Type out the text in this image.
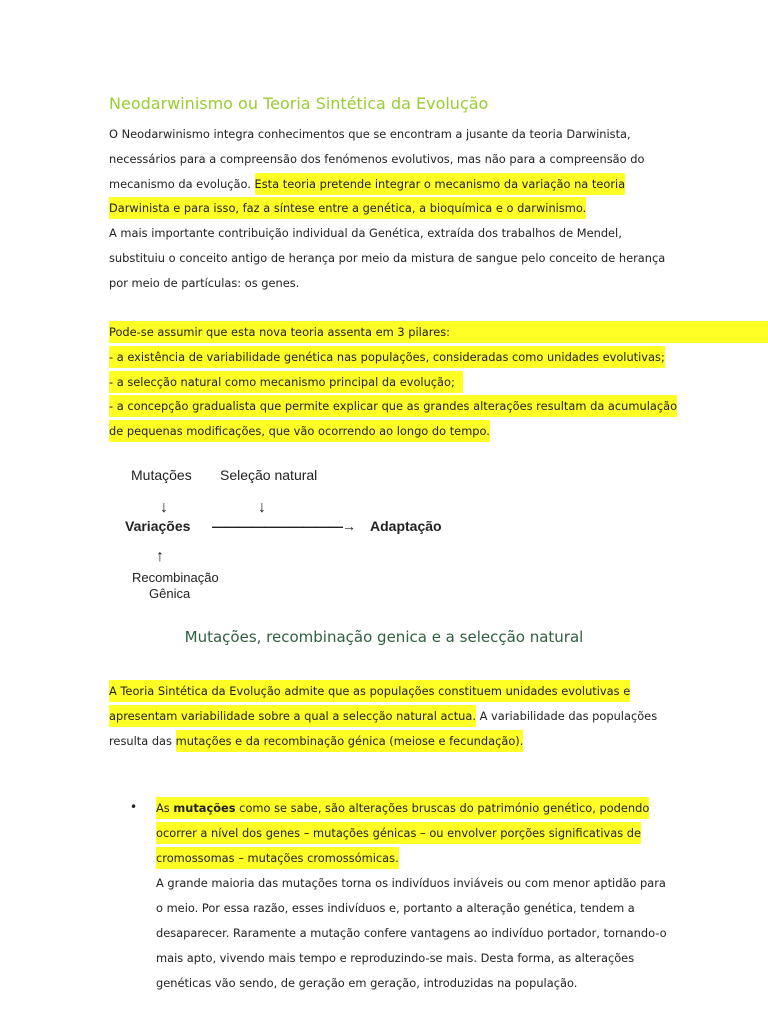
Neodarwinismo ou Teoria Sintética da Evolução
O Neodarwinismo integra conhecimentos que se encontram a jusante da teoria Darwinista,
necessários para a compreensão dos fenómenos evolutivos, mas não para a compreensão do
mecanismo da evolução. Esta teoria pretende integrar o mecanismo da variação na teoria
Darwinista e para isso, faz a síntese entre a genética, a bioquímica e o darwinismo.
A mais importante contribuição individual da Genética, extraída dos trabalhos de Mendel,
substituiu o conceito antigo de herança por meio da mistura de sangue pelo conceito de herança
por meio de partículas: os genes.
Pode-se assumir que esta nova teoria assenta em 3 pilares:
- a existência de variabilidade genética nas populações, consideradas como unidades evolutivas;
- a selecção natural como mecanismo principal da evolução;
- a concepção gradualista que permite explicar que as grandes alterações resultam da acumulação
de pequenas modificações, que vão ocorrendo ao longo do tempo.
Mutações Seleção natural
↓	↓
Variações ——————————→ Adaptação
↑
Recombinação
Gênica
Mutações, recombinação genica e a selecção natural
A Teoria Sintética da Evolução admite que as populações constituem unidades evolutivas e
apresentam variabilidade sobre a qual a selecção natural actua. A variabilidade das populações
resulta das mutações e da recombinação génica (meiose e fecundação).
• As mutações como se sabe, são alterações bruscas do património genético, podendo
ocorrer a nível dos genes – mutações génicas – ou envolver porções significativas de
cromossomas – mutações cromossómicas.
A grande maioria das mutações torna os indivíduos inviáveis ou com menor aptidão para
o meio. Por essa razão, esses indivíduos e, portanto a alteração genética, tendem a
desaparecer. Raramente a mutação confere vantagens ao indivíduo portador, tornando-o
mais apto, vivendo mais tempo e reproduzindo-se mais. Desta forma, as alterações
genéticas vão sendo, de geração em geração, introduzidas na população.
